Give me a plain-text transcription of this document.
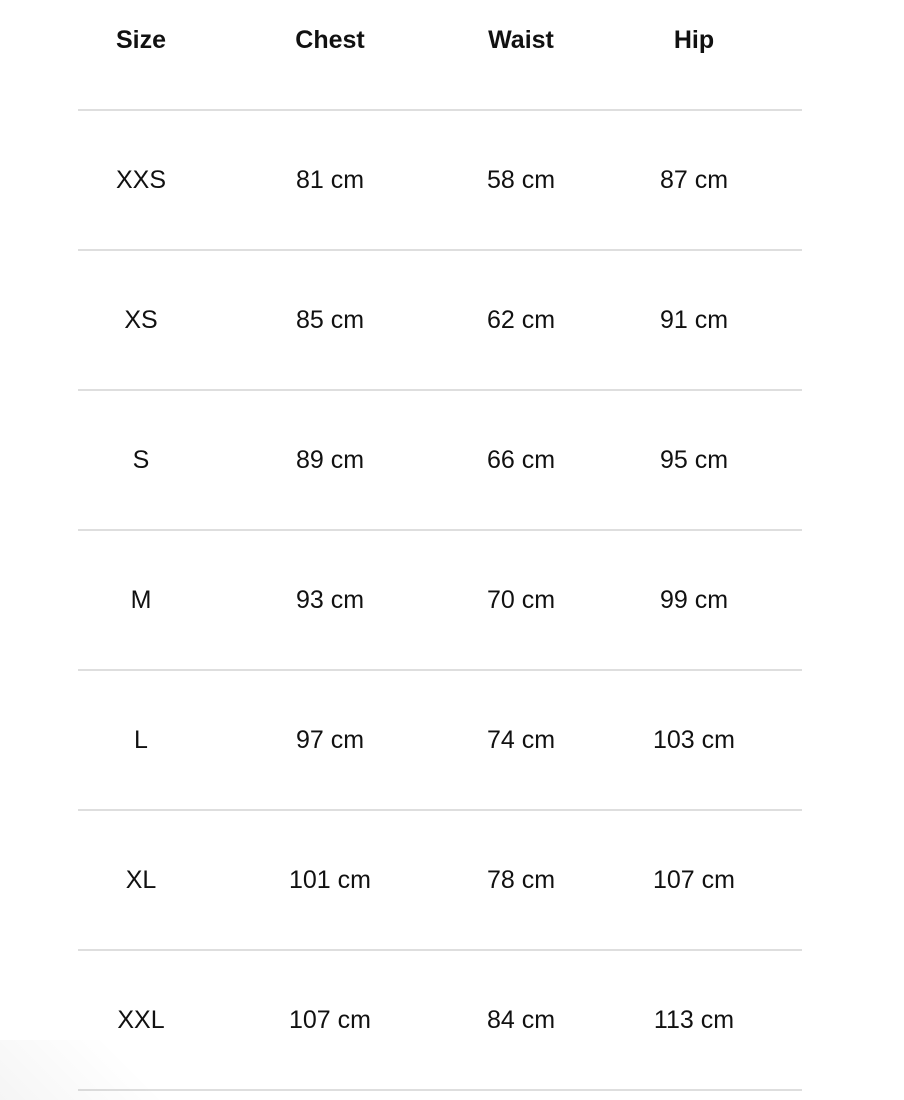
Size	Chest	Waist	Hip
XXS	81 cm	58 cm	87 cm
XS	85 cm	62 cm	91 cm
S	89 cm	66 cm	95 cm
M	93 cm	70 cm	99 cm
L	97 cm	74 cm	103 cm
XL	101 cm	78 cm	107 cm
XXL	107 cm	84 cm	113 cm
